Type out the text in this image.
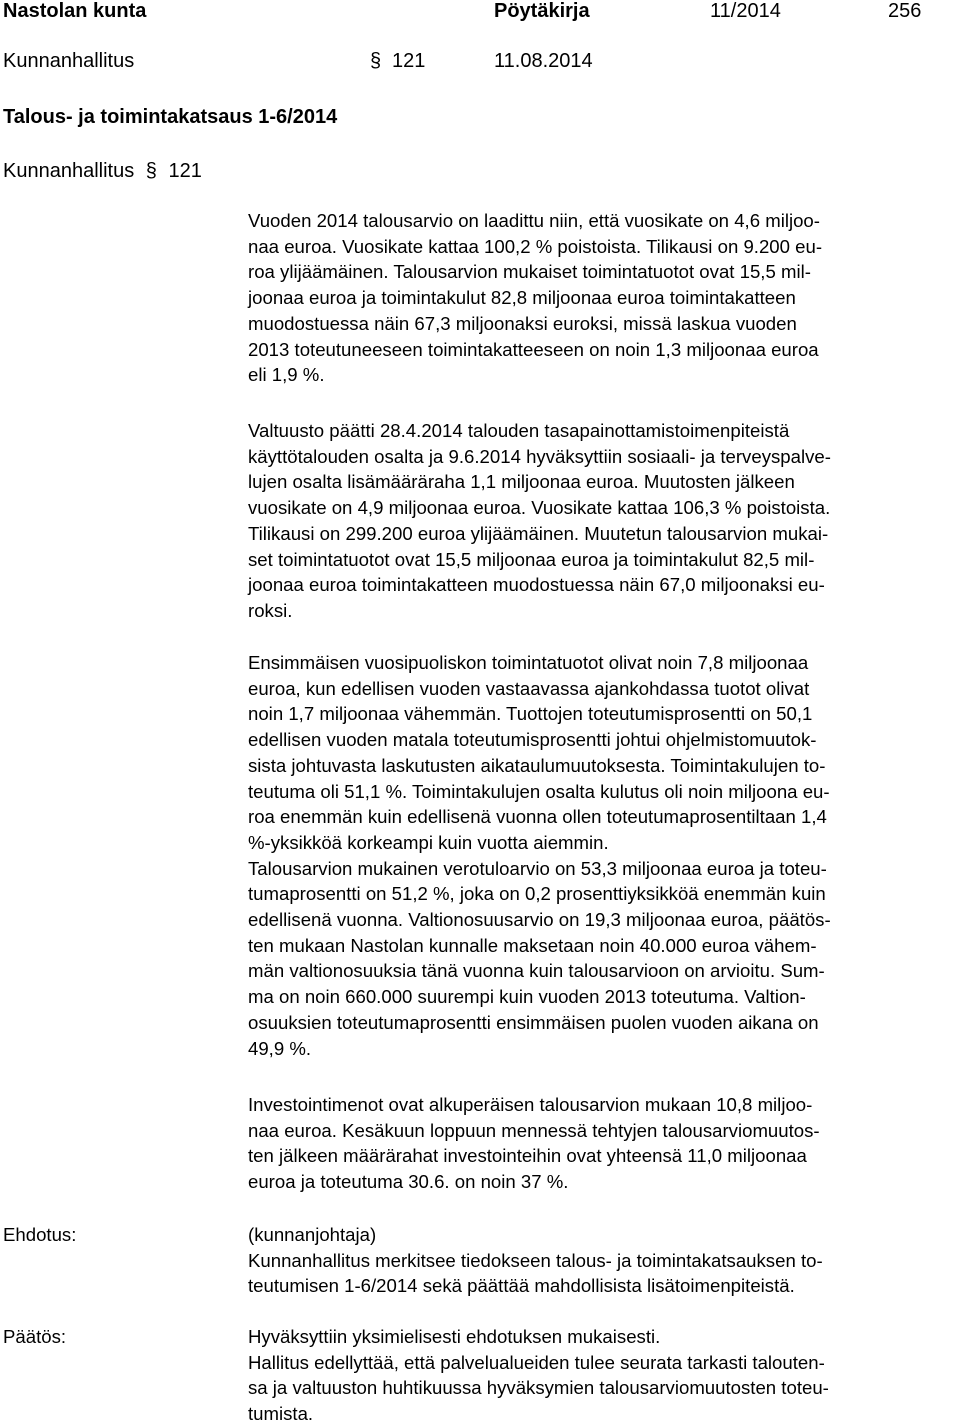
Nastolan kunta	Pöytäkirja	11/2014	256
Kunnanhallitus	§ 121	11.08.2014
Talous- ja toimintakatsaus 1-6/2014
Kunnanhallitus § 121
Vuoden 2014 talousarvio on laadittu niin, että vuosikate on 4,6 miljoo-
naa euroa. Vuosikate kattaa 100,2 % poistoista. Tilikausi on 9.200 eu-
roa ylijäämäinen. Talousarvion mukaiset toimintatuotot ovat 15,5 mil-
joonaa euroa ja toimintakulut 82,8 miljoonaa euroa toimintakatteen
muodostuessa näin 67,3 miljoonaksi euroksi, missä laskua vuoden
2013 toteutuneeseen toimintakatteeseen on noin 1,3 miljoonaa euroa
eli 1,9 %.
Valtuusto päätti 28.4.2014 talouden tasapainottamistoimenpiteistä
käyttötalouden osalta ja 9.6.2014 hyväksyttiin sosiaali- ja terveyspalve-
lujen osalta lisämääräraha 1,1 miljoonaa euroa. Muutosten jälkeen
vuosikate on 4,9 miljoonaa euroa. Vuosikate kattaa 106,3 % poistoista.
Tilikausi on 299.200 euroa ylijäämäinen. Muutetun talousarvion mukai-
set toimintatuotot ovat 15,5 miljoonaa euroa ja toimintakulut 82,5 mil-
joonaa euroa toimintakatteen muodostuessa näin 67,0 miljoonaksi eu-
roksi.
Ensimmäisen vuosipuoliskon toimintatuotot olivat noin 7,8 miljoonaa
euroa, kun edellisen vuoden vastaavassa ajankohdassa tuotot olivat
noin 1,7 miljoonaa vähemmän. Tuottojen toteutumisprosentti on 50,1
edellisen vuoden matala toteutumisprosentti johtui ohjelmistomuutok-
sista johtuvasta laskutusten aikataulumuutoksesta. Toimintakulujen to-
teutuma oli 51,1 %. Toimintakulujen osalta kulutus oli noin miljoona eu-
roa enemmän kuin edellisenä vuonna ollen toteutumaprosentiltaan 1,4
%-yksikköä korkeampi kuin vuotta aiemmin.
Talousarvion mukainen verotuloarvio on 53,3 miljoonaa euroa ja toteu-
tumaprosentti on 51,2 %, joka on 0,2 prosenttiyksikköä enemmän kuin
edellisenä vuonna. Valtionosuusarvio on 19,3 miljoonaa euroa, päätös-
ten mukaan Nastolan kunnalle maksetaan noin 40.000 euroa vähem-
män valtionosuuksia tänä vuonna kuin talousarvioon on arvioitu. Sum-
ma on noin 660.000 suurempi kuin vuoden 2013 toteutuma. Valtion-
osuuksien toteutumaprosentti ensimmäisen puolen vuoden aikana on
49,9 %.
Investointimenot ovat alkuperäisen talousarvion mukaan 10,8 miljoo-
naa euroa. Kesäkuun loppuun mennessä tehtyjen talousarviomuutos-
ten jälkeen määrärahat investointeihin ovat yhteensä 11,0 miljoonaa
euroa ja toteutuma 30.6. on noin 37 %.
Ehdotus:	(kunnanjohtaja)
Kunnanhallitus merkitsee tiedokseen talous- ja toimintakatsauksen to-
teutumisen 1-6/2014 sekä päättää mahdollisista lisätoimenpiteistä.
Päätös:	Hyväksyttiin yksimielisesti ehdotuksen mukaisesti.
Hallitus edellyttää, että palvelualueiden tulee seurata tarkasti talouten-
sa ja valtuuston huhtikuussa hyväksymien talousarviomuutosten toteu-
tumista.
